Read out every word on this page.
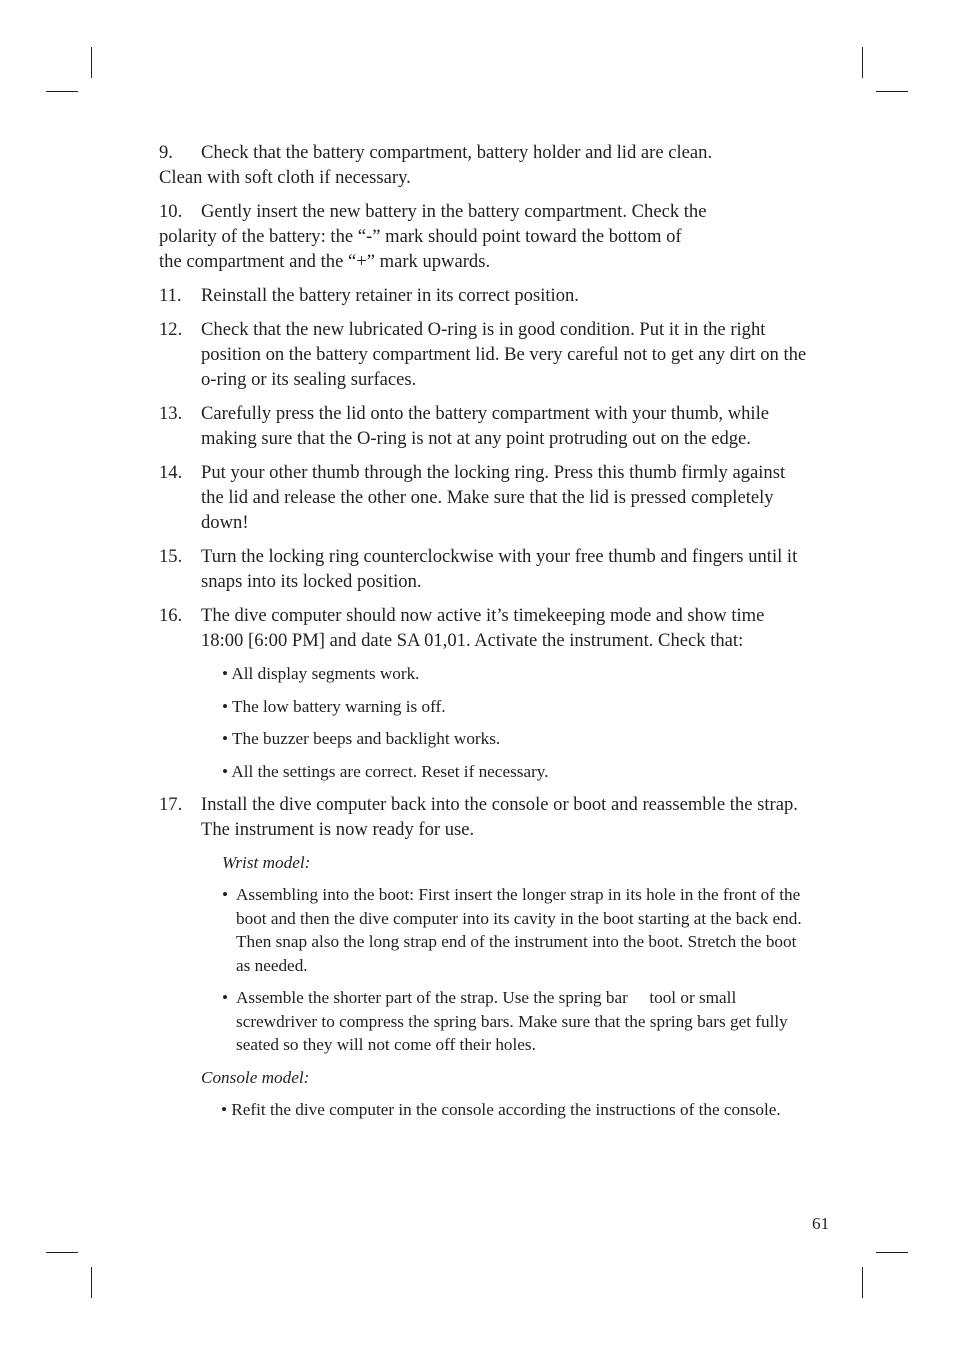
9. Check that the battery compartment, battery holder and lid are clean.
Clean with soft cloth if necessary.
10. Gently insert the new battery in the battery compartment. Check the
polarity of the battery: the “-” mark should point toward the bottom of
the compartment and the “+” mark upwards.
11. Reinstall the battery retainer in its correct position.
12. Check that the new lubricated O-ring is in good condition. Put it in the right position on the battery compartment lid. Be very careful not to get any dirt on the o-ring or its sealing surfaces.
13. Carefully press the lid onto the battery compartment with your thumb, while making sure that the O-ring is not at any point protruding out on the edge.
14. Put your other thumb through the locking ring. Press this thumb firmly against the lid and release the other one. Make sure that the lid is pressed completely down!
15. Turn the locking ring counterclockwise with your free thumb and fingers until it snaps into its locked position.
16. The dive computer should now active it’s timekeeping mode and show time 18:00 [6:00 PM] and date SA 01,01. Activate the instrument. Check that:
• All display segments work.
• The low battery warning is off.
• The buzzer beeps and backlight works.
• All the settings are correct. Reset if necessary.
17. Install the dive computer back into the console or boot and reassemble the strap. The instrument is now ready for use.
Wrist model:
• Assembling into the boot: First insert the longer strap in its hole in the front of the boot and then the dive computer into its cavity in the boot starting at the back end. Then snap also the long strap end of the instrument into the boot. Stretch the boot as needed.
• Assemble the shorter part of the strap. Use the spring bar  tool or small screwdriver to compress the spring bars. Make sure that the spring bars get fully seated so they will not come off their holes.
Console model:
• Refit the dive computer in the console according the instructions of the console.
61
